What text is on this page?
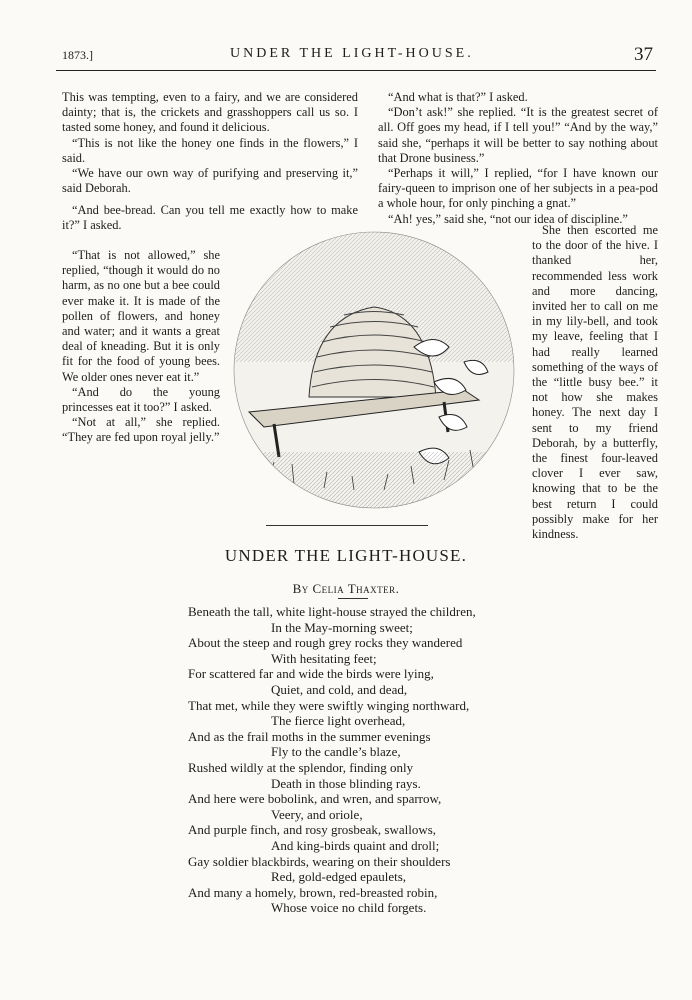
1873.]	UNDER THE LIGHT-HOUSE.	37

This was tempting, even to a fairy, and we are considered dainty; that is, the crickets and grasshoppers call us so. I tasted some honey, and found it delicious.

“This is not like the honey one finds in the flowers,” I said.

“We have our own way of purifying and preserving it,” said Deborah.

“And bee-bread. Can you tell me exactly how to make it?” I asked.

“That is not allowed,” she replied, “though it would do no harm, as no one but a bee could ever make it. It is made of the pollen of flowers, and honey and water; and it wants a great deal of kneading. But it is only fit for the food of young bees. We older ones never eat it.”

“And do the young princesses eat it too?” I asked.

“Not at all,” she replied. “They are fed upon royal jelly.”

“And what is that?” I asked.

“Don’t ask!” she replied. “It is the greatest secret of all. Off goes my head, if I tell you!” “And by the way,” said she, “perhaps it will be better to say nothing about that Drone business.”

“Perhaps it will,” I replied, “for I have known our fairy-queen to imprison one of her subjects in a pea-pod a whole hour, for only pinching a gnat.”

“Ah! yes,” said she, “not our idea of discipline.”

She then escorted me to the door of the hive. I thanked her, recommended less work and more dancing, invited her to call on me in my lily-bell, and took my leave, feeling that I had really learned something of the ways of the “little busy bee.” it not how she makes honey. The next day I sent to my friend Deborah, by a butterfly, the finest four-leaved clover I ever saw, knowing that to be the best return I could possibly make for her kindness.

UNDER THE LIGHT-HOUSE.
By Celia Thaxter.
Beneath the tall, white light-house strayed the children,
In the May-morning sweet;
About the steep and rough grey rocks they wandered
With hesitating feet;
For scattered far and wide the birds were lying,
Quiet, and cold, and dead,
That met, while they were swiftly winging northward,
The fierce light overhead,
And as the frail moths in the summer evenings
Fly to the candle’s blaze,
Rushed wildly at the splendor, finding only
Death in those blinding rays.
And here were bobolink, and wren, and sparrow,
Veery, and oriole,
And purple finch, and rosy grosbeak, swallows,
And king-birds quaint and droll;
Gay soldier blackbirds, wearing on their shoulders
Red, gold-edged epaulets,
And many a homely, brown, red-breasted robin,
Whose voice no child forgets.
